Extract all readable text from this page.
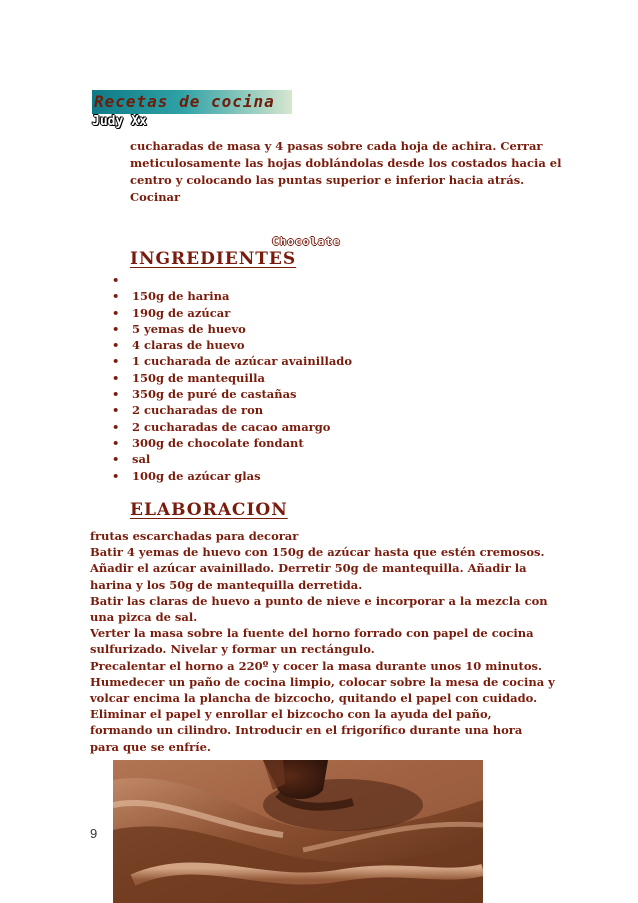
Recetas de cocina
Judy Xx

cucharadas de masa y 4 pasas sobre cada hoja de achira. Cerrar

meticulosamente las hojas doblándolas desde los costados hacia el

centro y colocando las puntas superior e inferior hacia atrás.

Cocinar

Chocolate
INGREDIENTES
•
• 150g de harina
• 190g de azúcar
• 5 yemas de huevo
• 4 claras de huevo
• 1 cucharada de azúcar avainillado
• 150g de mantequilla
• 350g de puré de castañas
• 2 cucharadas de ron
• 2 cucharadas de cacao amargo
• 300g de chocolate fondant
• sal
• 100g de azúcar glas
ELABORACION

frutas escarchadas para decorar

Batir 4 yemas de huevo con 150g de azúcar hasta que estén cremosos.

Añadir el azúcar avainillado. Derretir 50g de mantequilla. Añadir la

harina y los 50g de mantequilla derretida.

Batir las claras de huevo a punto de nieve e incorporar a la mezcla con

una pizca de sal.

Verter la masa sobre la fuente del horno forrado con papel de cocina

sulfurizado. Nivelar y formar un rectángulo.

Precalentar el horno a 220º y cocer la masa durante unos 10 minutos.

Humedecer un paño de cocina limpio, colocar sobre la mesa de cocina y

volcar encima la plancha de bizcocho, quitando el papel con cuidado.

Eliminar el papel y enrollar el bizcocho con la ayuda del paño,

formando un cilindro. Introducir en el frigorífico durante una hora

para que se enfríe.

9
